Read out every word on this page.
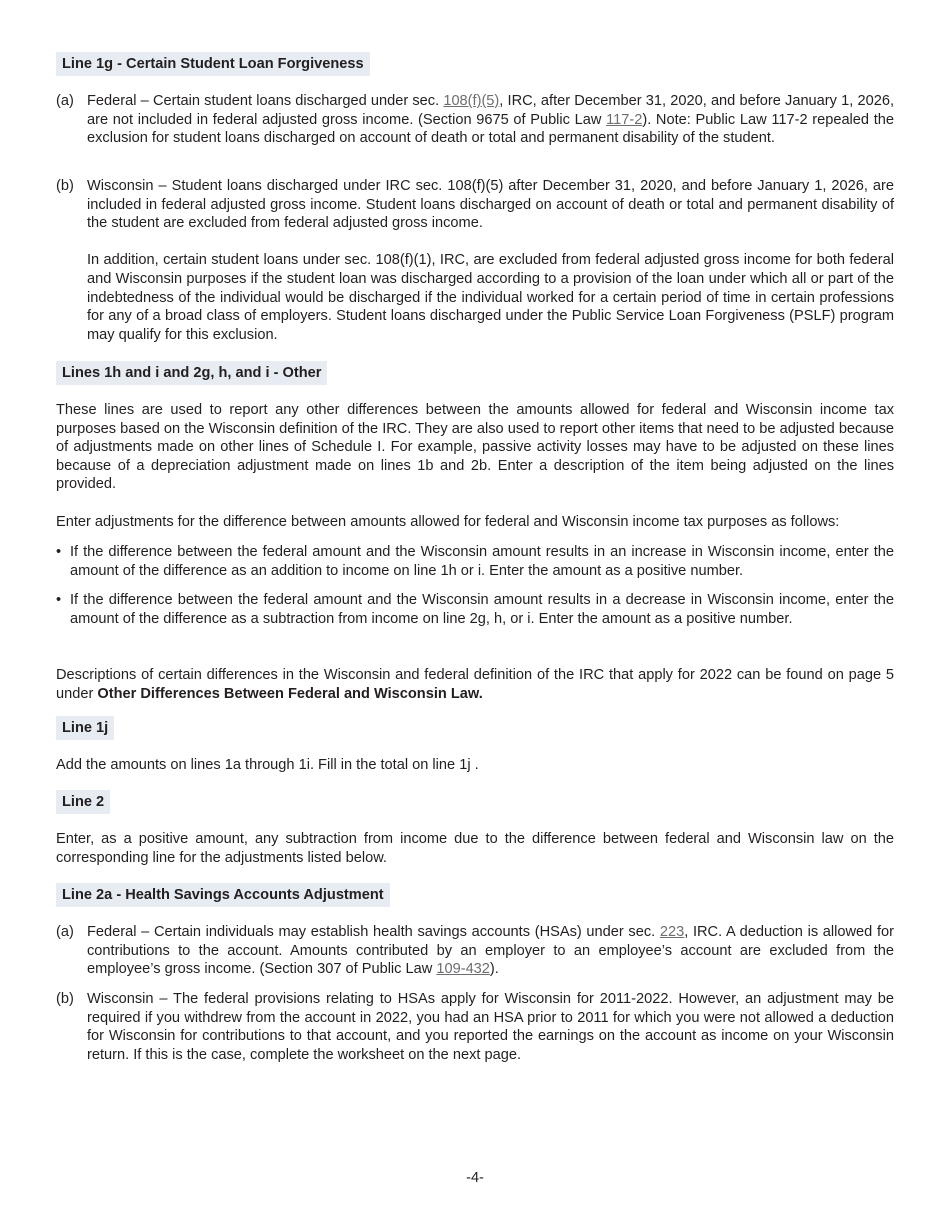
Line 1g - Certain Student Loan Forgiveness
(a) Federal – Certain student loans discharged under sec. 108(f)(5), IRC, after December 31, 2020, and before January 1, 2026, are not included in federal adjusted gross income. (Section 9675 of Public Law 117-2). Note: Public Law 117-2 repealed the exclusion for student loans discharged on account of death or total and permanent disability of the student.
(b) Wisconsin – Student loans discharged under IRC sec. 108(f)(5) after December 31, 2020, and before January 1, 2026, are included in federal adjusted gross income. Student loans discharged on account of death or total and permanent disability of the student are excluded from federal adjusted gross income.
In addition, certain student loans under sec. 108(f)(1), IRC, are excluded from federal adjusted gross income for both federal and Wisconsin purposes if the student loan was discharged according to a provision of the loan under which all or part of the indebtedness of the individual would be discharged if the individual worked for a certain period of time in certain professions for any of a broad class of employers. Student loans discharged under the Public Service Loan Forgiveness (PSLF) program may qualify for this exclusion.
Lines 1h and i and 2g, h, and i - Other

These lines are used to report any other differences between the amounts allowed for federal and Wisconsin income tax purposes based on the Wisconsin definition of the IRC. They are also used to report other items that need to be adjusted because of adjustments made on other lines of Schedule I. For example, passive activity losses may have to be adjusted on these lines because of a depreciation adjustment made on lines 1b and 2b. Enter a description of the item being adjusted on the lines provided.

Enter adjustments for the difference between amounts allowed for federal and Wisconsin income tax purposes as follows:

• If the difference between the federal amount and the Wisconsin amount results in an increase in Wisconsin income, enter the amount of the difference as an addition to income on line 1h or i. Enter the amount as a positive number.
• If the difference between the federal amount and the Wisconsin amount results in a decrease in Wisconsin income, enter the amount of the difference as a subtraction from income on line 2g, h, or i. Enter the amount as a positive number.

Descriptions of certain differences in the Wisconsin and federal definition of the IRC that apply for 2022 can be found on page 5 under Other Differences Between Federal and Wisconsin Law.

Line 1j

Add the amounts on lines 1a through 1i. Fill in the total on line 1j .

Line 2

Enter, as a positive amount, any subtraction from income due to the difference between federal and Wisconsin law on the corresponding line for the adjustments listed below.

Line 2a - Health Savings Accounts Adjustment
(a) Federal – Certain individuals may establish health savings accounts (HSAs) under sec. 223, IRC. A deduction is allowed for contributions to the account. Amounts contributed by an employer to an employee’s account are excluded from the employee’s gross income. (Section 307 of Public Law 109-432).
(b) Wisconsin – The federal provisions relating to HSAs apply for Wisconsin for 2011-2022. However, an adjustment may be required if you withdrew from the account in 2022, you had an HSA prior to 2011 for which you were not allowed a deduction for Wisconsin for contributions to that account, and you reported the earnings on the account as income on your Wisconsin return. If this is the case, complete the worksheet on the next page.
-4-
